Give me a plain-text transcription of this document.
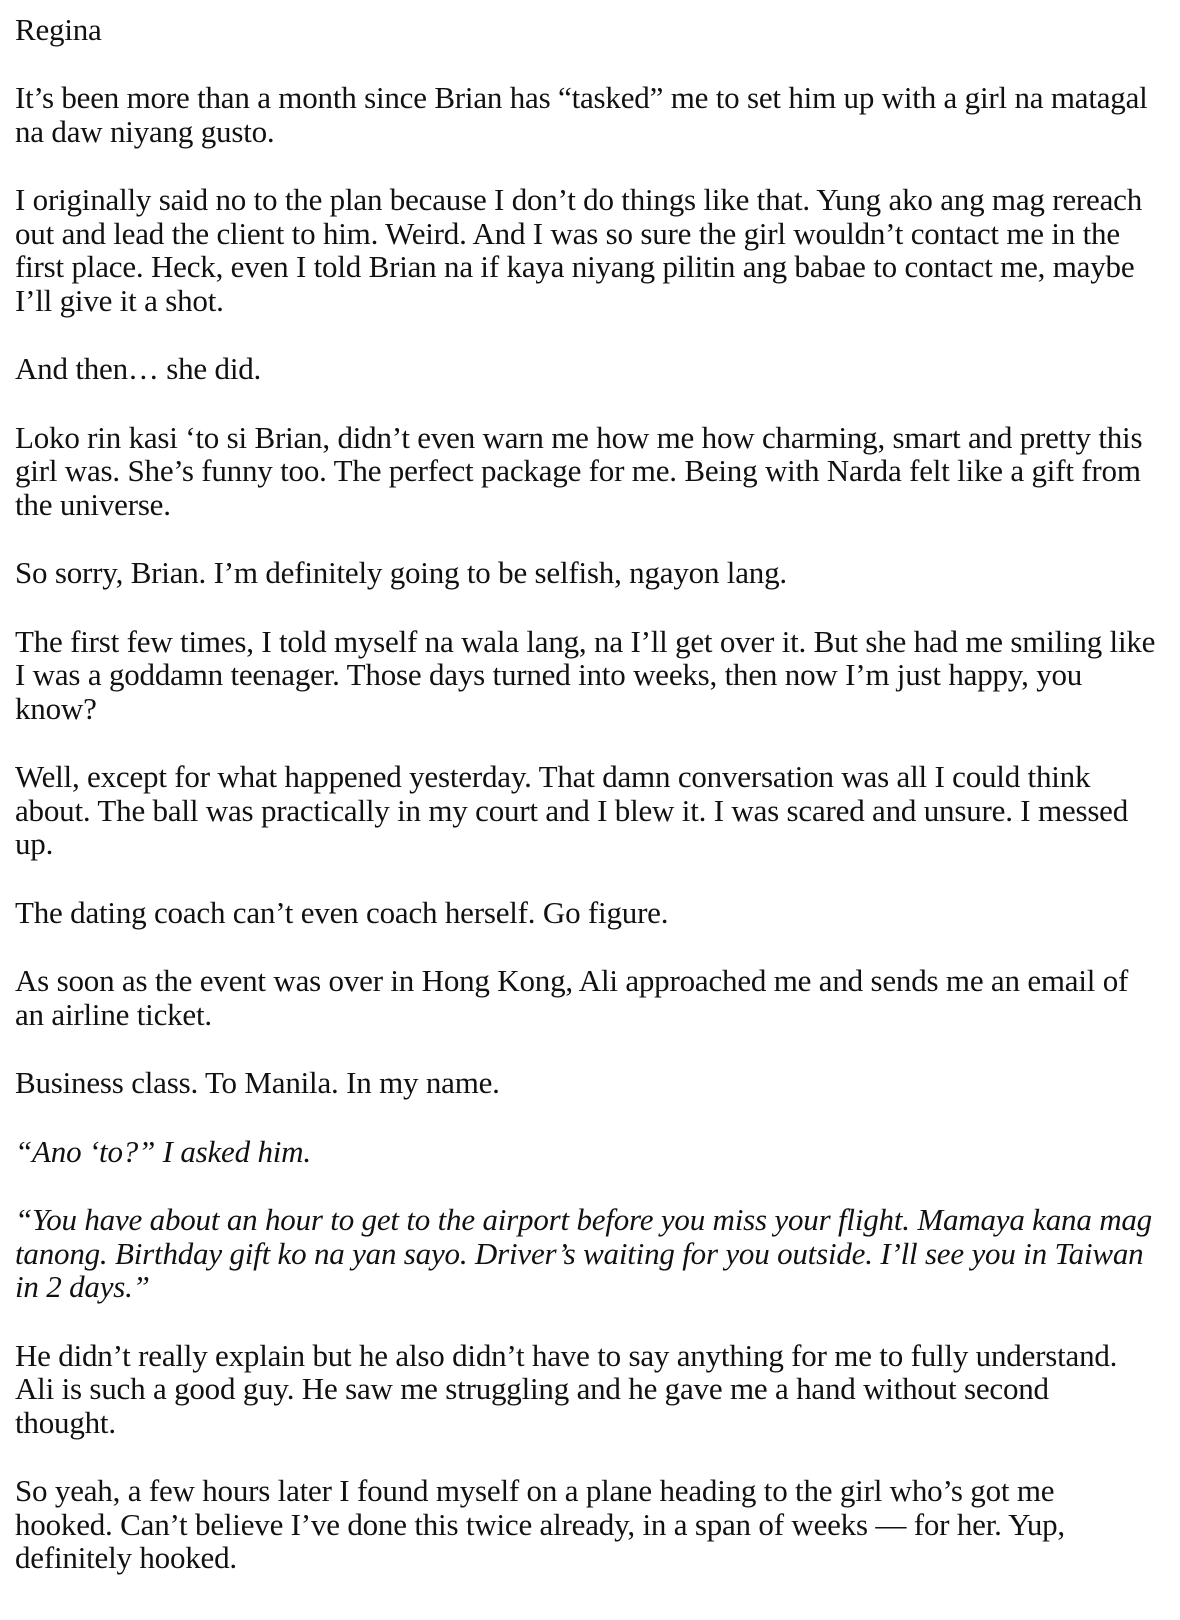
Regina
It’s been more than a month since Brian has “tasked” me to set him up with a girl na matagal na daw niyang gusto.
I originally said no to the plan because I don’t do things like that. Yung ako ang mag rereach out and lead the client to him. Weird. And I was so sure the girl wouldn’t contact me in the first place. Heck, even I told Brian na if kaya niyang pilitin ang babae to contact me, maybe I’ll give it a shot.
And then… she did.
Loko rin kasi ‘to si Brian, didn’t even warn me how me how charming, smart and pretty this girl was. She’s funny too. The perfect package for me. Being with Narda felt like a gift from the universe.
So sorry, Brian. I’m definitely going to be selfish, ngayon lang.
The first few times, I told myself na wala lang, na I’ll get over it. But she had me smiling like I was a goddamn teenager. Those days turned into weeks, then now I’m just happy, you know?
Well, except for what happened yesterday. That damn conversation was all I could think about. The ball was practically in my court and I blew it. I was scared and unsure. I messed up.
The dating coach can’t even coach herself. Go figure.
As soon as the event was over in Hong Kong, Ali approached me and sends me an email of an airline ticket.
Business class. To Manila. In my name.
“Ano ‘to?” I asked him.
“You have about an hour to get to the airport before you miss your flight. Mamaya kana mag tanong. Birthday gift ko na yan sayo. Driver’s waiting for you outside. I’ll see you in Taiwan in 2 days.”
He didn’t really explain but he also didn’t have to say anything for me to fully understand. Ali is such a good guy. He saw me struggling and he gave me a hand without second thought.
So yeah, a few hours later I found myself on a plane heading to the girl who’s got me hooked. Can’t believe I’ve done this twice already, in a span of weeks — for her. Yup, definitely hooked.
